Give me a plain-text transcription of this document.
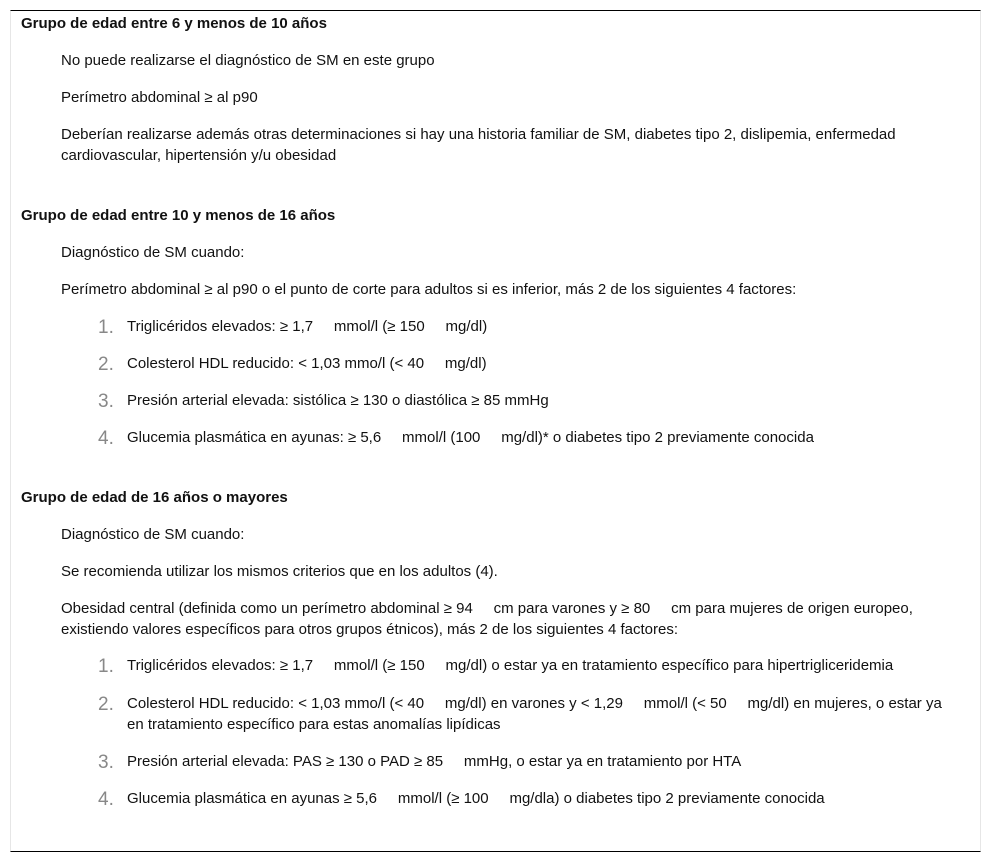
Grupo de edad entre 6 y menos de 10 años
No puede realizarse el diagnóstico de SM en este grupo
Perímetro abdominal ≥ al p90
Deberían realizarse además otras determinaciones si hay una historia familiar de SM, diabetes tipo 2, dislipemia, enfermedad cardiovascular, hipertensión y/u obesidad
Grupo de edad entre 10 y menos de 16 años
Diagnóstico de SM cuando:
Perímetro abdominal ≥ al p90 o el punto de corte para adultos si es inferior, más 2 de los siguientes 4 factores:
1. Triglicéridos elevados: ≥ 1,7     mmol/l (≥ 150     mg/dl)
2. Colesterol HDL reducido: < 1,03 mmo/l (< 40     mg/dl)
3. Presión arterial elevada: sistólica ≥ 130 o diastólica ≥ 85 mmHg
4. Glucemia plasmática en ayunas: ≥ 5,6     mmol/l (100     mg/dl)* o diabetes tipo 2 previamente conocida
Grupo de edad de 16 años o mayores
Diagnóstico de SM cuando:
Se recomienda utilizar los mismos criterios que en los adultos (4).
Obesidad central (definida como un perímetro abdominal ≥ 94     cm para varones y ≥ 80     cm para mujeres de origen europeo, existiendo valores específicos para otros grupos étnicos), más 2 de los siguientes 4 factores:
1. Triglicéridos elevados: ≥ 1,7     mmol/l (≥ 150     mg/dl) o estar ya en tratamiento específico para hipertrigliceridemia
2. Colesterol HDL reducido: < 1,03 mmo/l (< 40     mg/dl) en varones y < 1,29     mmol/l (< 50     mg/dl) en mujeres, o estar ya en tratamiento específico para estas anomalías lipídicas
3. Presión arterial elevada: PAS ≥ 130 o PAD ≥ 85     mmHg, o estar ya en tratamiento por HTA
4. Glucemia plasmática en ayunas ≥ 5,6     mmol/l (≥ 100     mg/dla) o diabetes tipo 2 previamente conocida
